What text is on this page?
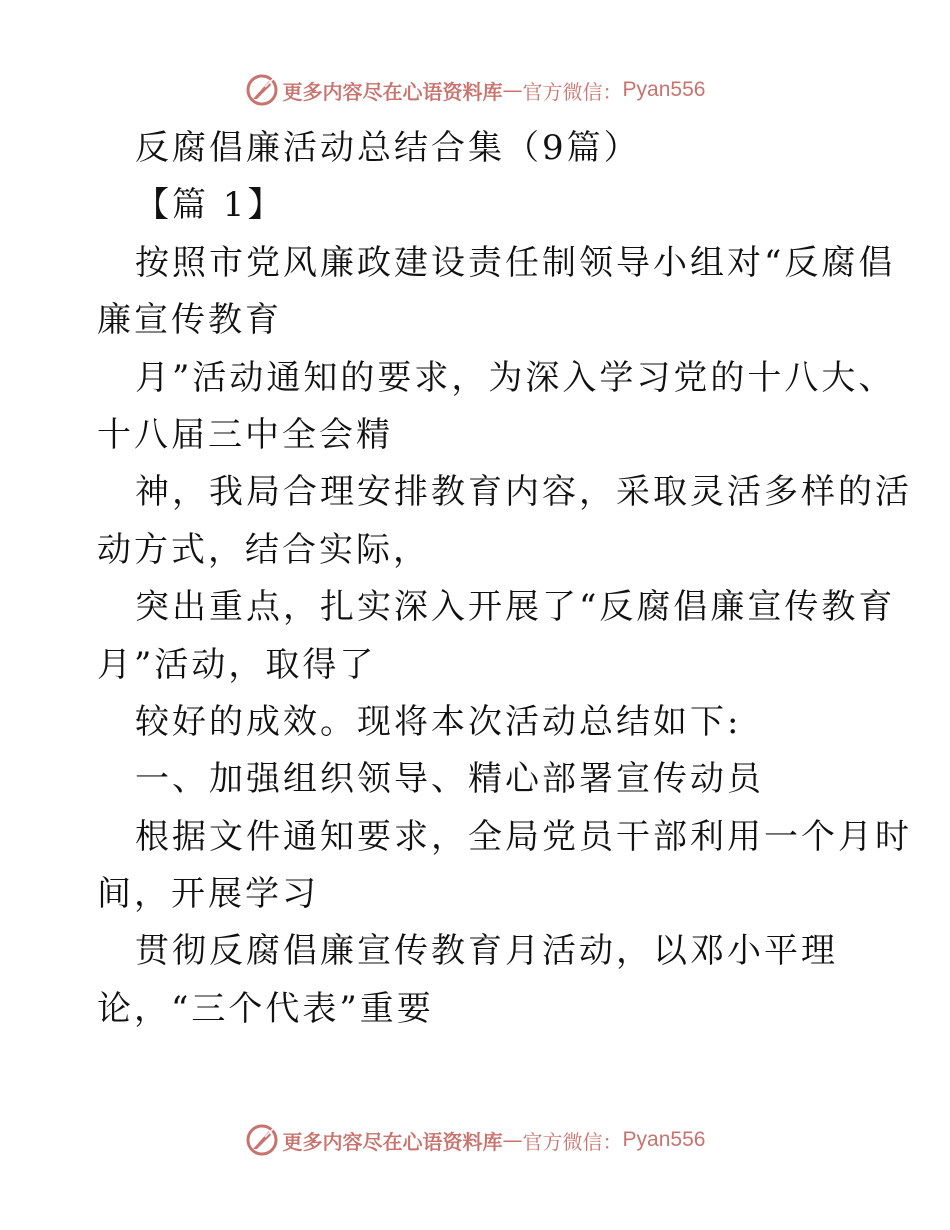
更多内容尽在心语资料库 — 官方微信： Pyan556
反腐倡廉活动总结合集（9篇）
【篇 1】
按照市党风廉政建设责任制领导小组对“反腐倡
廉宣传教育
月”活动通知的要求，为深入学习党的十八大、
十八届三中全会精
神，我局合理安排教育内容，采取灵活多样的活
动方式，结合实际，
突出重点，扎实深入开展了“反腐倡廉宣传教育
月”活动，取得了
较好的成效。现将本次活动总结如下:
一、加强组织领导、精心部署宣传动员
根据文件通知要求，全局党员干部利用一个月时
间，开展学习
贯彻反腐倡廉宣传教育月活动，以邓小平理
论，“三个代表”重要
更多内容尽在心语资料库 — 官方微信： Pyan556
